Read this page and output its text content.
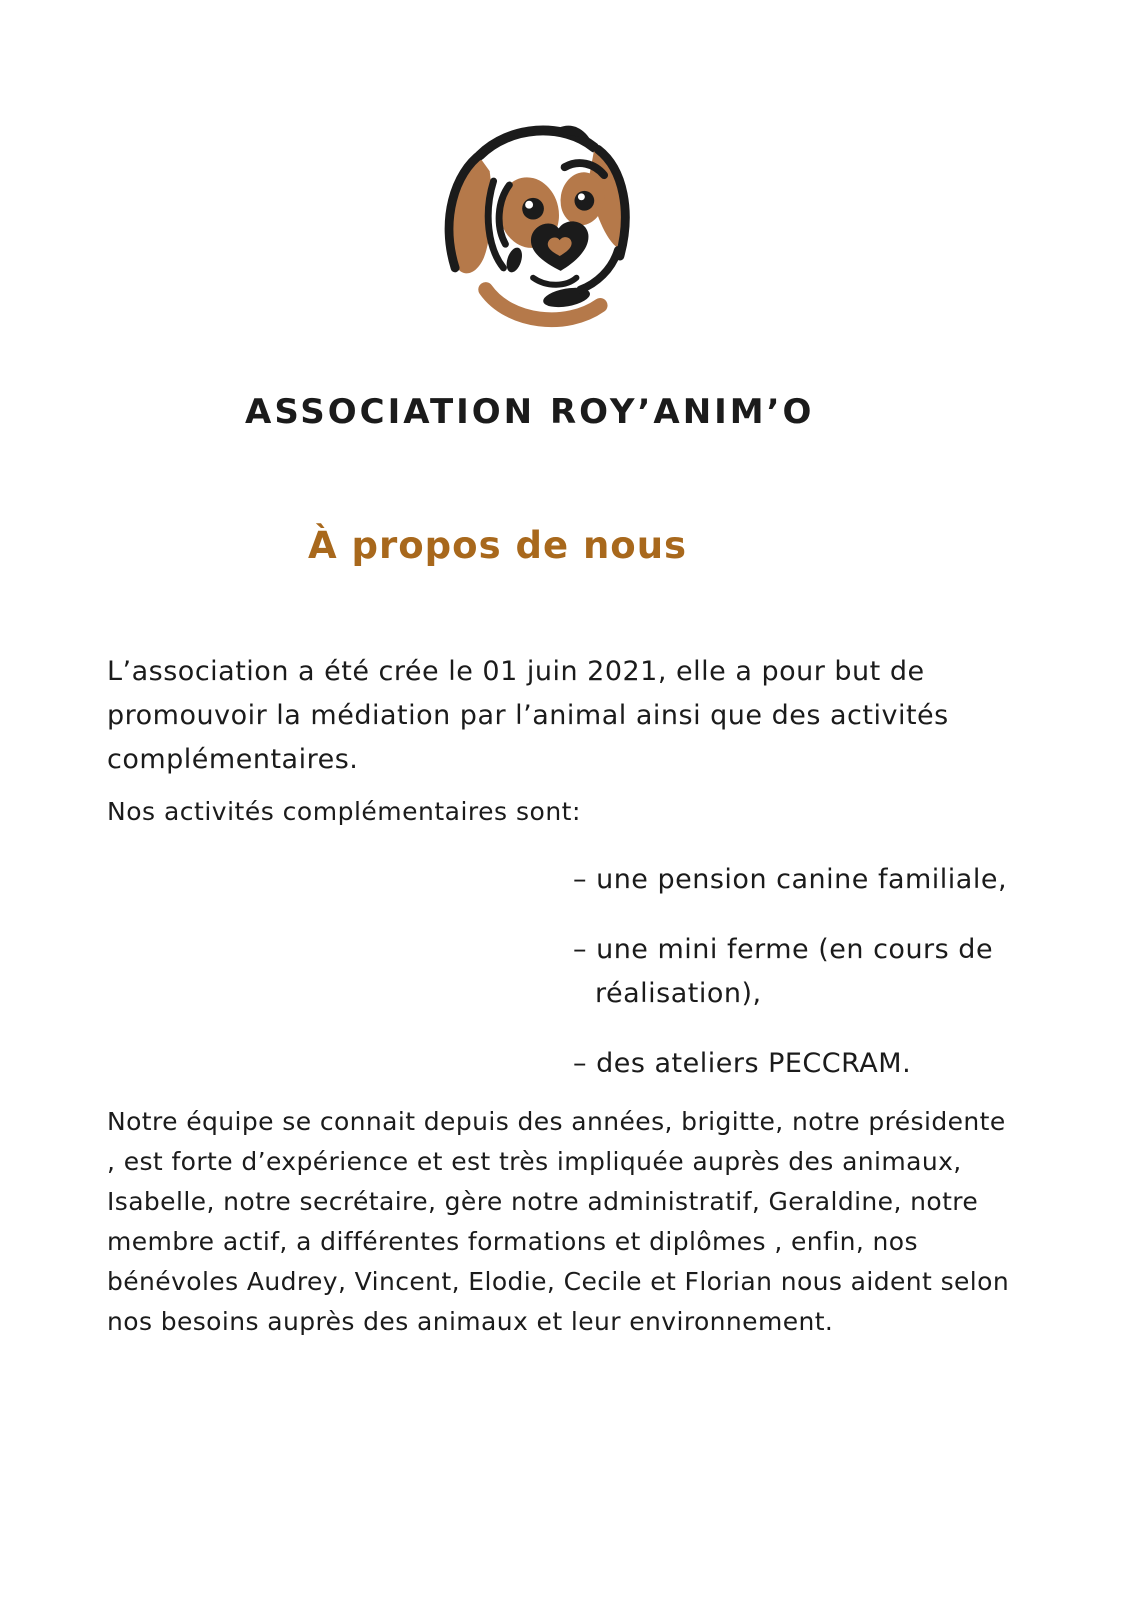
ASSOCIATION ROY’ANIM’O
À propos de nous

L’association a été crée le 01 juin 2021, elle a pour but de promouvoir la médiation par l’animal ainsi que des activités complémentaires.

Nos activités complémentaires sont:

– une pension canine familiale,
– une mini ferme (en cours de réalisation),
– des ateliers PECCRAM.

Notre équipe se connait depuis des années, brigitte, notre présidente , est forte d’expérience et est très impliquée auprès des animaux, Isabelle, notre secrétaire, gère notre administratif, Geraldine, notre membre actif, a différentes formations et diplômes , enfin, nos bénévoles Audrey, Vincent, Elodie, Cecile et Florian nous aident selon nos besoins auprès des animaux et leur environnement.
